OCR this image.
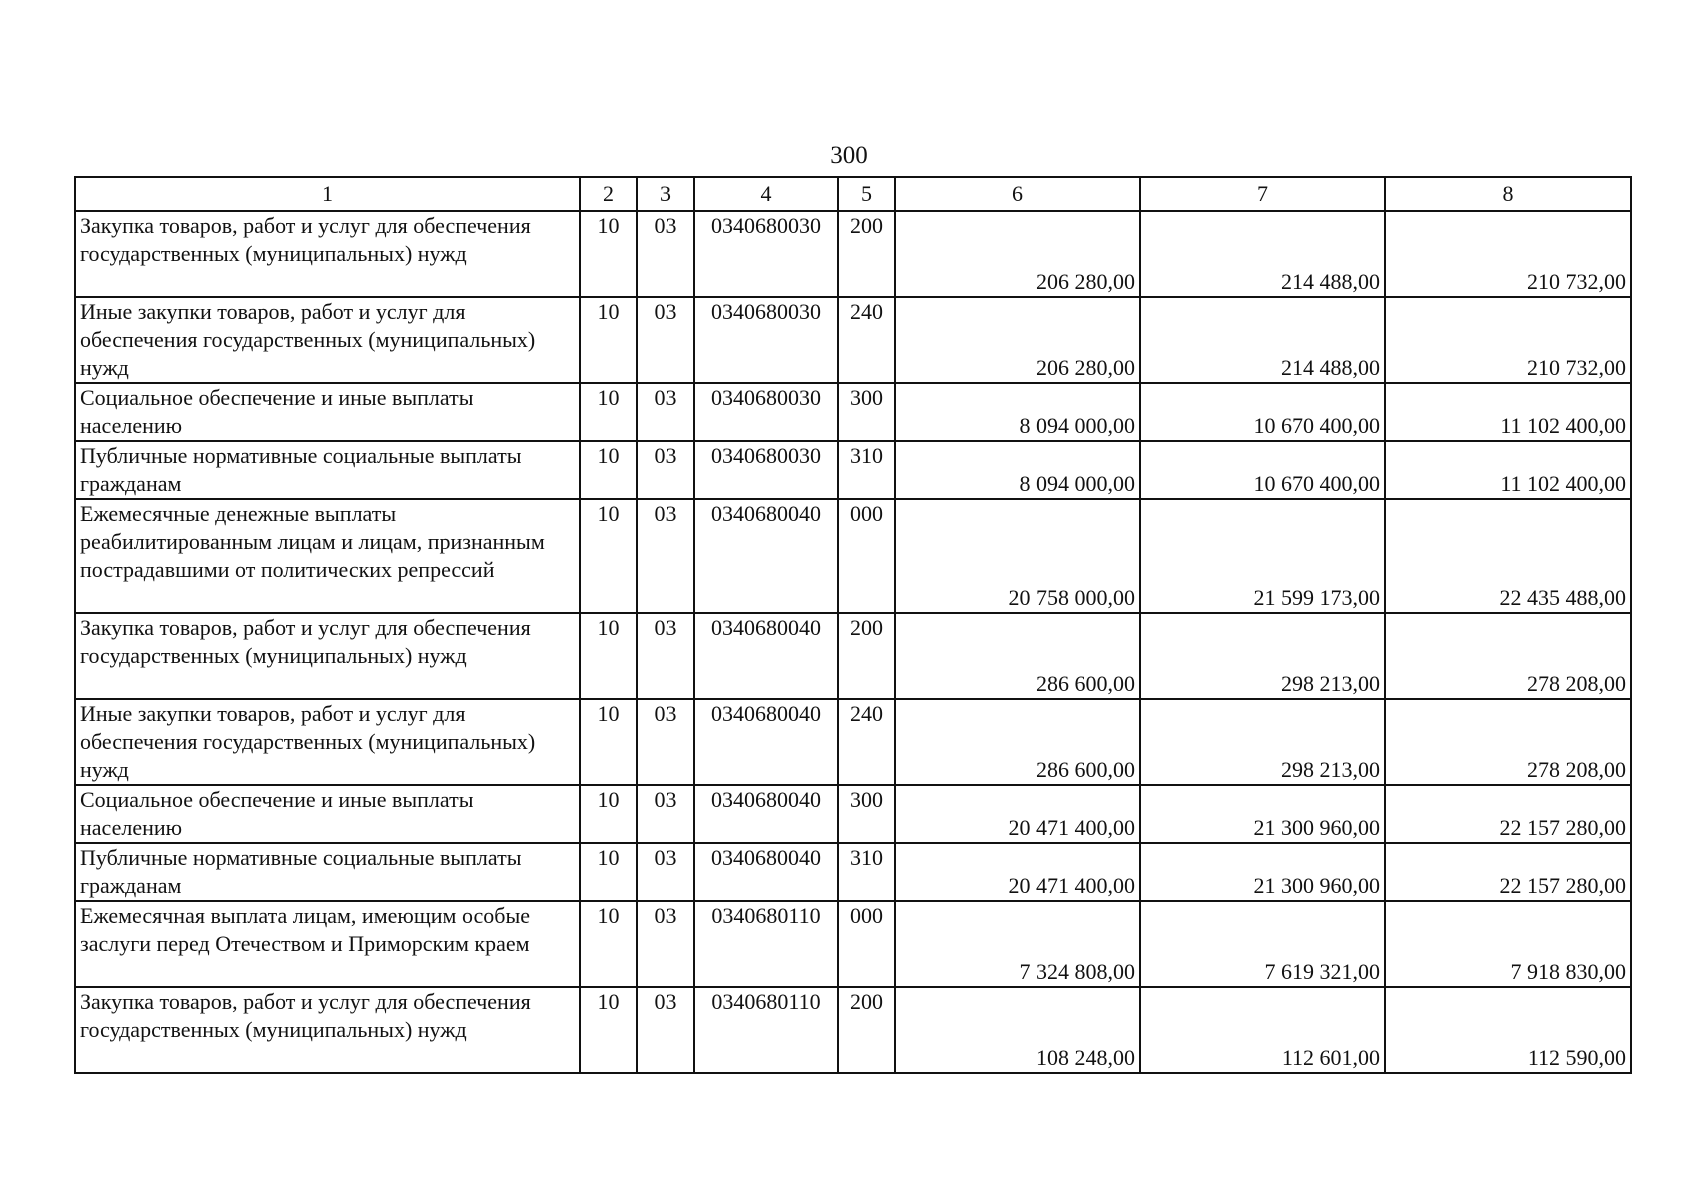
300
1	2	3	4	5	6	7	8
Закупка товаров, работ и услуг для обеспечения государственных (муниципальных) нужд	10	03	0340680030	200	206 280,00	214 488,00	210 732,00
Иные закупки товаров, работ и услуг для обеспечения государственных (муниципальных) нужд	10	03	0340680030	240	206 280,00	214 488,00	210 732,00
Социальное обеспечение и иные выплаты населению	10	03	0340680030	300	8 094 000,00	10 670 400,00	11 102 400,00
Публичные нормативные социальные выплаты гражданам	10	03	0340680030	310	8 094 000,00	10 670 400,00	11 102 400,00
Ежемесячные денежные выплаты реабилитированным лицам и лицам, признанным пострадавшими от политических репрессий	10	03	0340680040	000	20 758 000,00	21 599 173,00	22 435 488,00
Закупка товаров, работ и услуг для обеспечения государственных (муниципальных) нужд	10	03	0340680040	200	286 600,00	298 213,00	278 208,00
Иные закупки товаров, работ и услуг для обеспечения государственных (муниципальных) нужд	10	03	0340680040	240	286 600,00	298 213,00	278 208,00
Социальное обеспечение и иные выплаты населению	10	03	0340680040	300	20 471 400,00	21 300 960,00	22 157 280,00
Публичные нормативные социальные выплаты гражданам	10	03	0340680040	310	20 471 400,00	21 300 960,00	22 157 280,00
Ежемесячная выплата лицам, имеющим особые заслуги перед Отечеством и Приморским краем	10	03	0340680110	000	7 324 808,00	7 619 321,00	7 918 830,00
Закупка товаров, работ и услуг для обеспечения государственных (муниципальных) нужд	10	03	0340680110	200	108 248,00	112 601,00	112 590,00
